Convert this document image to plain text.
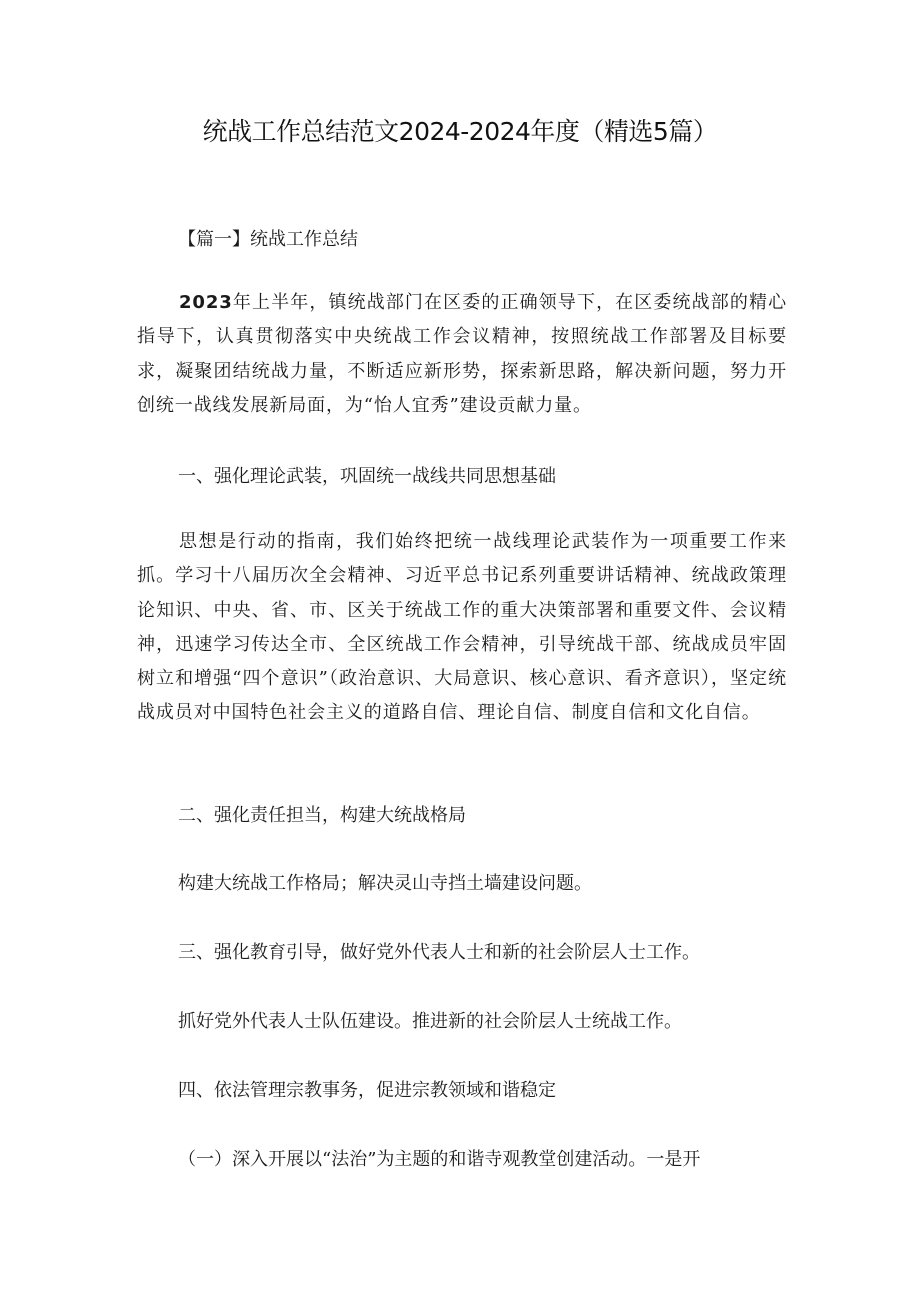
统战工作总结范文2024-2024年度（精选5篇）
【篇一】统战工作总结
2023年上半年，镇统战部门在区委的正确领导下，在区委统战部的精心指导下，认真贯彻落实中央统战工作会议精神，按照统战工作部署及目标要求，凝聚团结统战力量，不断适应新形势，探索新思路，解决新问题，努力开创统一战线发展新局面，为“怡人宜秀”建设贡献力量。
一、强化理论武装，巩固统一战线共同思想基础
思想是行动的指南，我们始终把统一战线理论武装作为一项重要工作来抓。学习十八届历次全会精神、习近平总书记系列重要讲话精神、统战政策理论知识、中央、省、市、区关于统战工作的重大决策部署和重要文件、会议精神，迅速学习传达全市、全区统战工作会精神，引导统战干部、统战成员牢固树立和增强“四个意识”（政治意识、大局意识、核心意识、看齐意识），坚定统战成员对中国特色社会主义的道路自信、理论自信、制度自信和文化自信。
二、强化责任担当，构建大统战格局
构建大统战工作格局；解决灵山寺挡土墙建设问题。
三、强化教育引导，做好党外代表人士和新的社会阶层人士工作。
抓好党外代表人士队伍建设。推进新的社会阶层人士统战工作。
四、依法管理宗教事务，促进宗教领域和谐稳定
（一）深入开展以“法治”为主题的和谐寺观教堂创建活动。一是开
